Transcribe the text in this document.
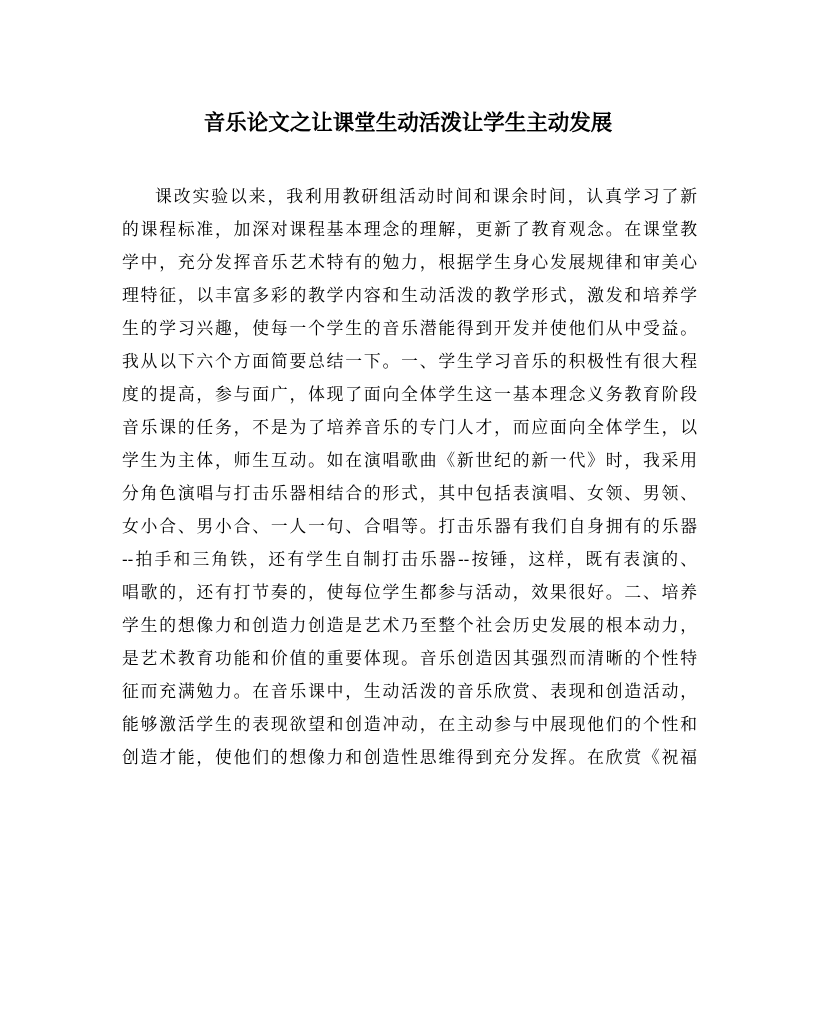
音乐论文之让课堂生动活泼让学生主动发展
课改实验以来，我利用教研组活动时间和课余时间，认真学习了新
的课程标准，加深对课程基本理念的理解，更新了教育观念。在课堂教
学中，充分发挥音乐艺术特有的勉力，根据学生身心发展规律和审美心
理特征，以丰富多彩的教学内容和生动活泼的教学形式，激发和培养学
生的学习兴趣，使每一个学生的音乐潜能得到开发并使他们从中受益。
我从以下六个方面简要总结一下。一、学生学习音乐的积极性有很大程
度的提高，参与面广，体现了面向全体学生这一基本理念义务教育阶段
音乐课的任务，不是为了培养音乐的专门人才，而应面向全体学生，以
学生为主体，师生互动。如在演唱歌曲《新世纪的新一代》时，我采用
分角色演唱与打击乐器相结合的形式，其中包括表演唱、女领、男领、
女小合、男小合、一人一句、合唱等。打击乐器有我们自身拥有的乐器
--拍手和三角铁，还有学生自制打击乐器--按锤，这样，既有表演的、
唱歌的，还有打节奏的，使每位学生都参与活动，效果很好。二、培养
学生的想像力和创造力创造是艺术乃至整个社会历史发展的根本动力，
是艺术教育功能和价值的重要体现。音乐创造因其强烈而清晰的个性特
征而充满勉力。在音乐课中，生动活泼的音乐欣赏、表现和创造活动，
能够激活学生的表现欲望和创造冲动，在主动参与中展现他们的个性和
创造才能，使他们的想像力和创造性思维得到充分发挥。在欣赏《祝福
